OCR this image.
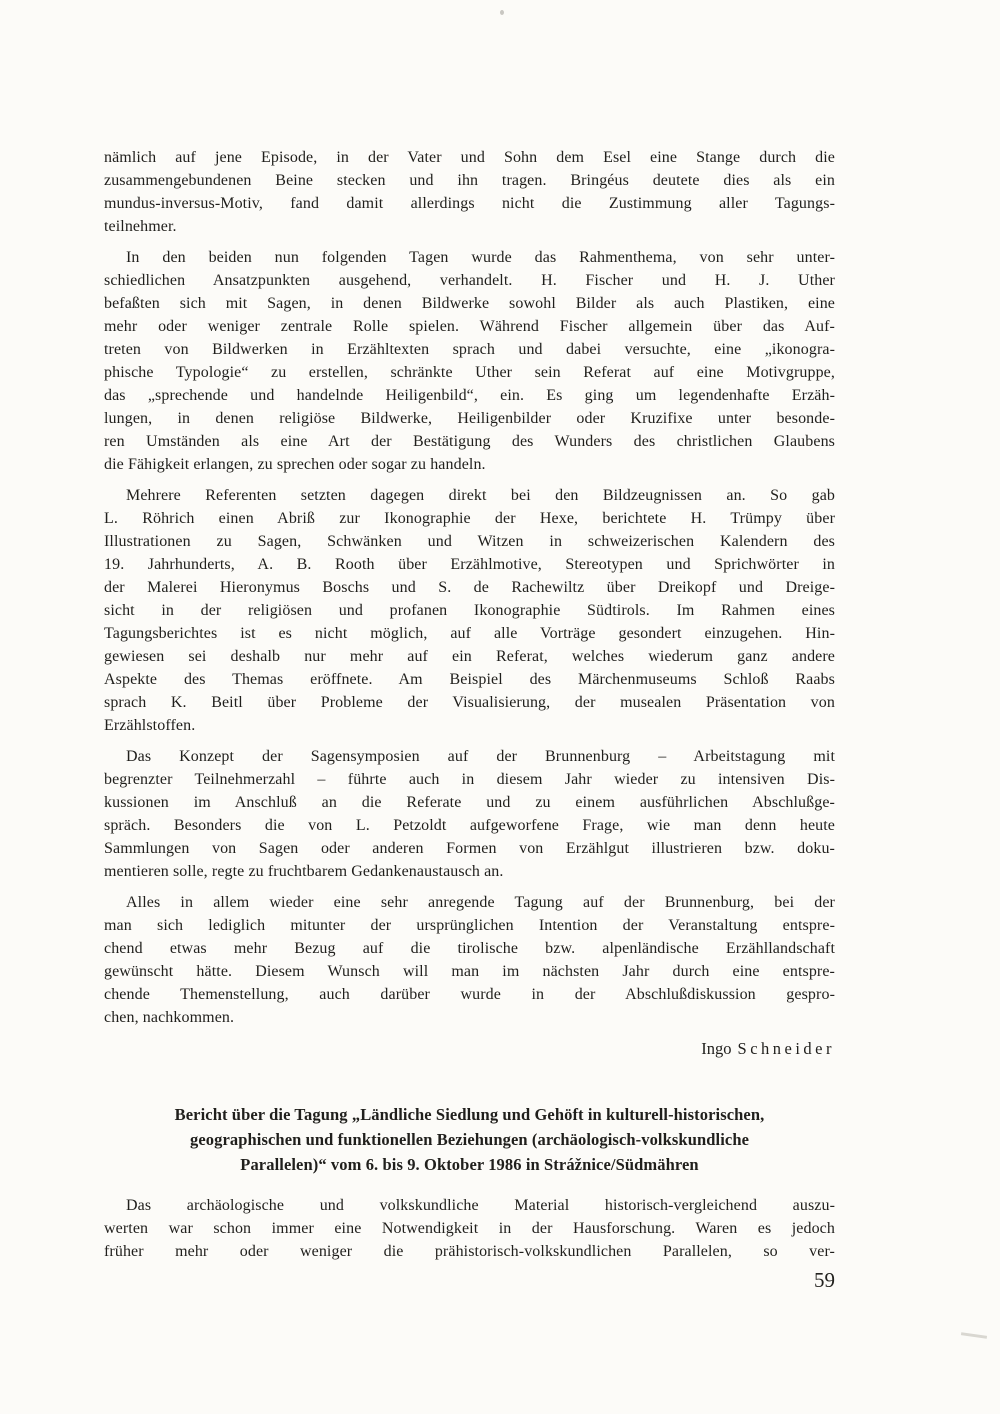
nämlich auf jene Episode, in der Vater und Sohn dem Esel eine Stange durch die
zusammengebundenen Beine stecken und ihn tragen. Bringéus deutete dies als ein
mundus-inversus-Motiv, fand damit allerdings nicht die Zustimmung aller Tagungs-
teilnehmer.
In den beiden nun folgenden Tagen wurde das Rahmenthema, von sehr unter-
schiedlichen Ansatzpunkten ausgehend, verhandelt. H. Fischer und H. J. Uther
befaßten sich mit Sagen, in denen Bildwerke sowohl Bilder als auch Plastiken, eine
mehr oder weniger zentrale Rolle spielen. Während Fischer allgemein über das Auf-
treten von Bildwerken in Erzähltexten sprach und dabei versuchte, eine „ikonogra-
phische Typologie“ zu erstellen, schränkte Uther sein Referat auf eine Motivgruppe,
das „sprechende und handelnde Heiligenbild“, ein. Es ging um legendenhafte Erzäh-
lungen, in denen religiöse Bildwerke, Heiligenbilder oder Kruzifixe unter besonde-
ren Umständen als eine Art der Bestätigung des Wunders des christlichen Glaubens
die Fähigkeit erlangen, zu sprechen oder sogar zu handeln.
Mehrere Referenten setzten dagegen direkt bei den Bildzeugnissen an. So gab
L. Röhrich einen Abriß zur Ikonographie der Hexe, berichtete H. Trümpy über
Illustrationen zu Sagen, Schwänken und Witzen in schweizerischen Kalendern des
19. Jahrhunderts, A. B. Rooth über Erzählmotive, Stereotypen und Sprichwörter in
der Malerei Hieronymus Boschs und S. de Rachewiltz über Dreikopf und Dreige-
sicht in der religiösen und profanen Ikonographie Südtirols. Im Rahmen eines
Tagungsberichtes ist es nicht möglich, auf alle Vorträge gesondert einzugehen. Hin-
gewiesen sei deshalb nur mehr auf ein Referat, welches wiederum ganz andere
Aspekte des Themas eröffnete. Am Beispiel des Märchenmuseums Schloß Raabs
sprach K. Beitl über Probleme der Visualisierung, der musealen Präsentation von
Erzählstoffen.
Das Konzept der Sagensymposien auf der Brunnenburg – Arbeitstagung mit
begrenzter Teilnehmerzahl – führte auch in diesem Jahr wieder zu intensiven Dis-
kussionen im Anschluß an die Referate und zu einem ausführlichen Abschlußge-
spräch. Besonders die von L. Petzoldt aufgeworfene Frage, wie man denn heute
Sammlungen von Sagen oder anderen Formen von Erzählgut illustrieren bzw. doku-
mentieren solle, regte zu fruchtbarem Gedankenaustausch an.
Alles in allem wieder eine sehr anregende Tagung auf der Brunnenburg, bei der
man sich lediglich mitunter der ursprünglichen Intention der Veranstaltung entspre-
chend etwas mehr Bezug auf die tirolische bzw. alpenländische Erzähllandschaft
gewünscht hätte. Diesem Wunsch will man im nächsten Jahr durch eine entspre-
chende Themenstellung, auch darüber wurde in der Abschlußdiskussion gespro-
chen, nachkommen.
Ingo Schneider
Bericht über die Tagung „Ländliche Siedlung und Gehöft in kulturell-historischen,
geographischen und funktionellen Beziehungen (archäologisch-volkskundliche
Parallelen)“ vom 6. bis 9. Oktober 1986 in Strážnice/Südmähren
Das archäologische und volkskundliche Material historisch-vergleichend auszu-
werten war schon immer eine Notwendigkeit in der Hausforschung. Waren es jedoch
früher mehr oder weniger die prähistorisch-volkskundlichen Parallelen, so ver-
59
